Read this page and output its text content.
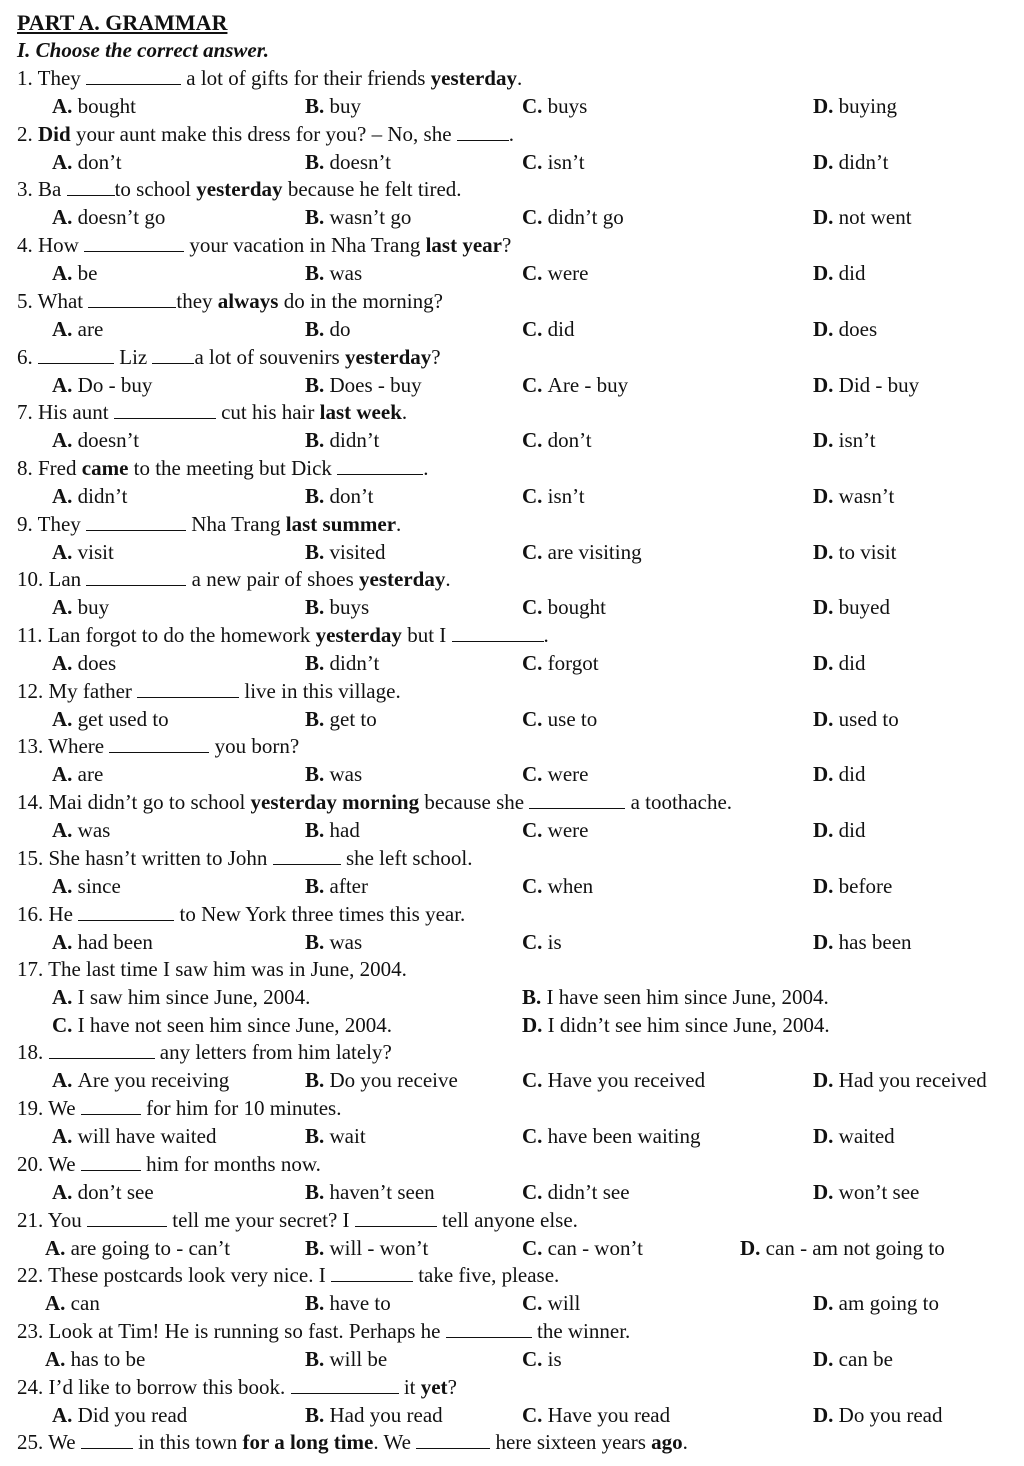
PART A. GRAMMAR
I. Choose the correct answer.
1. They	a lot of gifts for their friends yesterday.
A. bought	B. buy	C. buys	D. buying
2. Did your aunt make this dress for you? – No, she .
A. don’t	B. doesn’t	C. isn’t	D. didn’t
3. Ba to school yesterday because he felt tired.
A. doesn’t go	B. wasn’t go	C. didn’t go	D. not went
4. How	your vacation in Nha Trang last year?
A. be	B. was	C. were	D. did
5. What	they always do in the morning?
A. are	B. do	C. did	D. does
6.	Liz a lot of souvenirs yesterday?
A. Do - buy	B. Does - buy	C. Are - buy	D. Did - buy
7. His aunt	cut his hair last week.
A. doesn’t	B. didn’t	C. don’t	D. isn’t
8. Fred came to the meeting but Dick	.
A. didn’t	B. don’t	C. isn’t	D. wasn’t
9. They	Nha Trang last summer.
A. visit	B. visited	C. are visiting	D. to visit
10. Lan	a new pair of shoes yesterday.
A. buy	B. buys	C. bought	D. buyed
11. Lan forgot to do the homework yesterday but I	.
A. does	B. didn’t	C. forgot	D. did
12. My father	live in this village.
A. get used to	B. get to	C. use to	D. used to
13. Where	you born?
A. are	B. was	C. were	D. did
14. Mai didn’t go to school yesterday morning because she	a toothache.
A. was	B. had	C. were	D. did
15. She hasn’t written to John	she left school.
A. since	B. after	C. when	D. before
16. He	to New York three times this year.
A. had been	B. was	C. is	D. has been
17. The last time I saw him was in June, 2004.
A. I saw him since June, 2004.	B. I have seen him since June, 2004.
C. I have not seen him since June, 2004.	D. I didn’t see him since June, 2004.
18.	any letters from him lately?
A. Are you receiving	B. Do you receive	C. Have you received	D. Had you received
19. We	for him for 10 minutes.
A. will have waited	B. wait	C. have been waiting	D. waited
20. We	him for months now.
A. don’t see	B. haven’t seen	C. didn’t see	D. won’t see
21. You	tell me your secret? I	tell anyone else.
A. are going to - can’t	B. will - won’t	C. can - won’t	D. can - am not going to
22. These postcards look very nice. I	take five, please.
A. can	B. have to	C. will	D. am going to
23. Look at Tim! He is running so fast. Perhaps he	the winner.
A. has to be	B. will be	C. is	D. can be
24. I’d like to borrow this book.	it yet?
A. Did you read	B. Had you read	C. Have you read	D. Do you read
25. We  in this town for a long time. We	here sixteen years ago.
